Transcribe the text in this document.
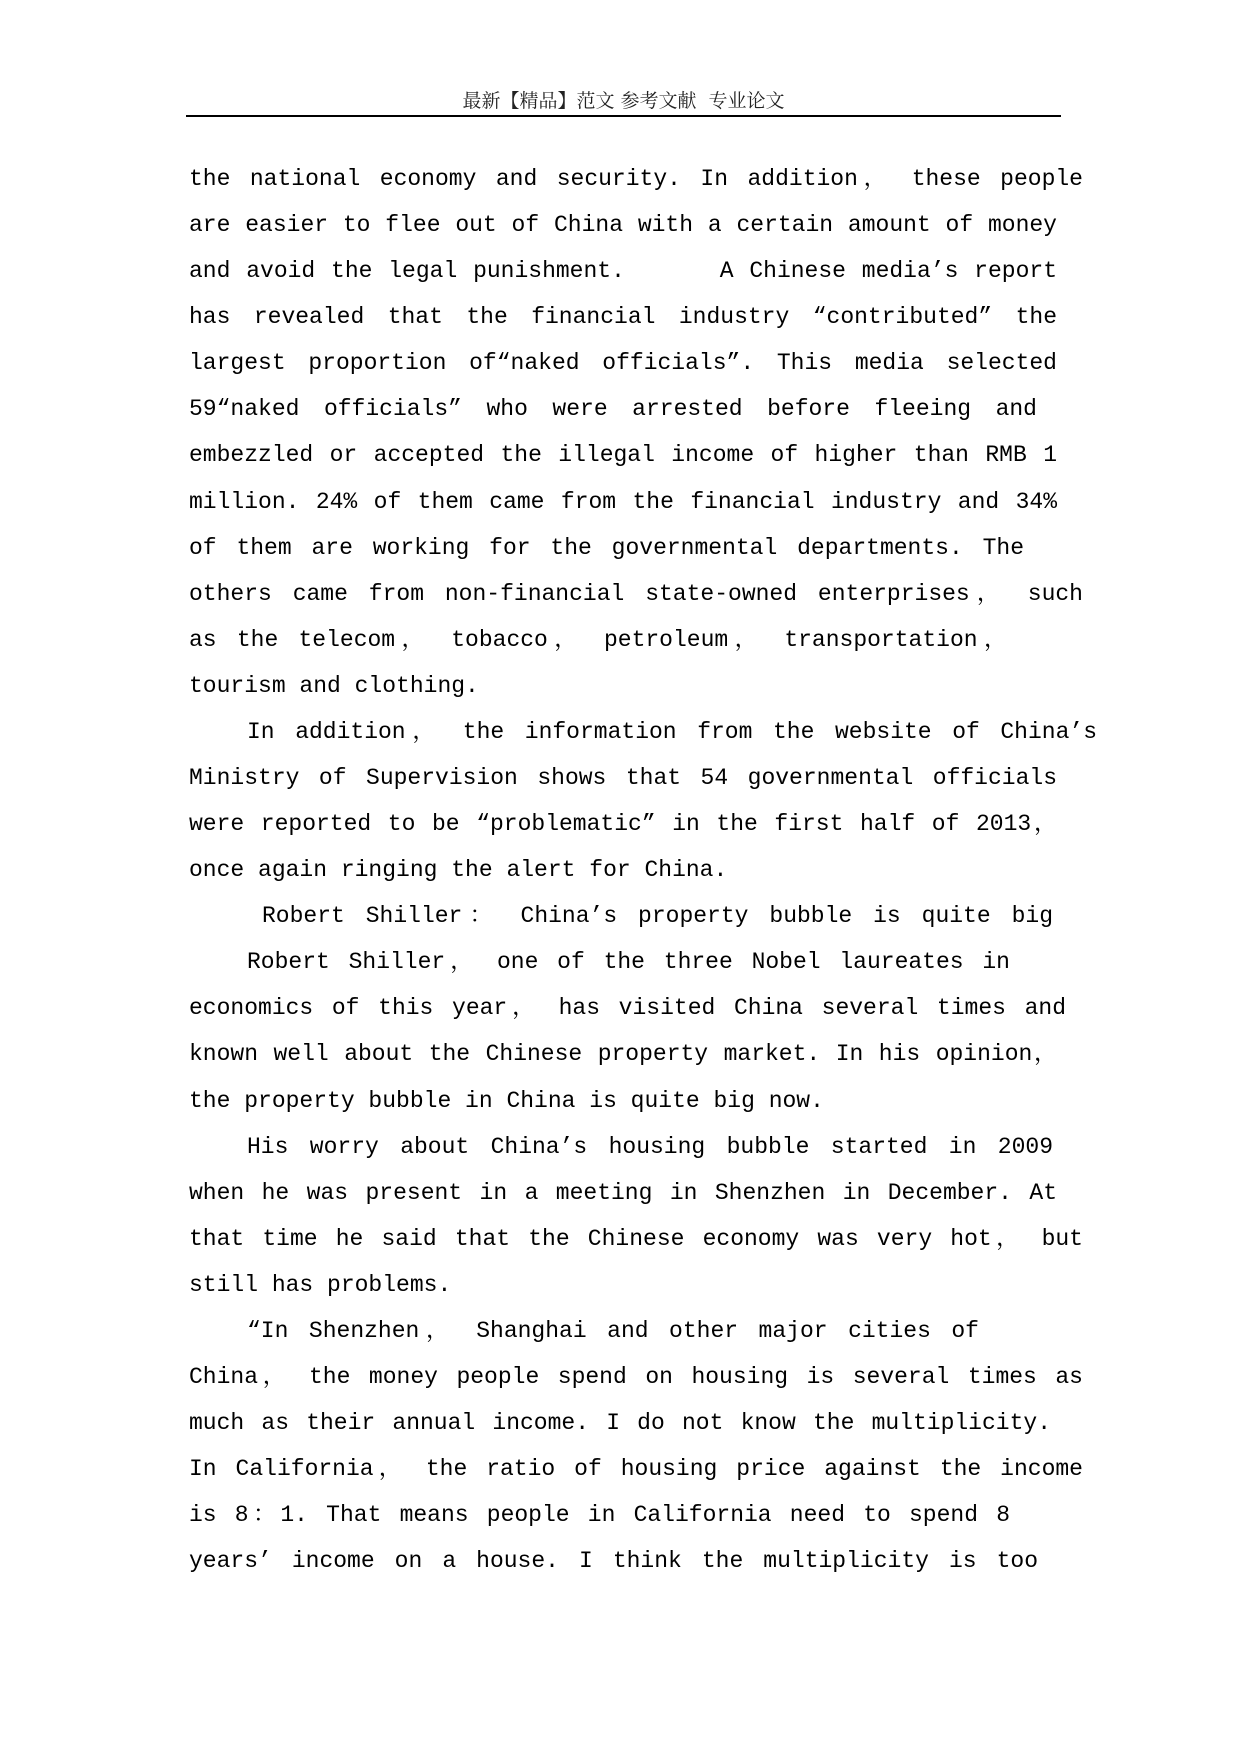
最新【精品】范文 参考文献  专业论文
the national economy and security. In addition， these people
are easier to flee out of China with a certain amount of money
and avoid the legal punishment.      A Chinese media’s report
has revealed that the financial industry “contributed” the
largest proportion of“naked officials”. This media selected
59“naked officials” who were arrested before fleeing and
embezzled or accepted the illegal income of higher than RMB 1
million. 24% of them came from the financial industry and 34%
of them are working for the governmental departments. The
others came from non-financial state-owned enterprises， such
as the telecom， tobacco， petroleum， transportation，
tourism and clothing.
In addition， the information from the website of China’s
Ministry of Supervision shows that 54 governmental officials
were reported to be “problematic” in the first half of 2013，
once again ringing the alert for China.
Robert Shiller： China’s property bubble is quite big
Robert Shiller， one of the three Nobel laureates in
economics of this year， has visited China several times and
known well about the Chinese property market. In his opinion，
the property bubble in China is quite big now.
His worry about China’s housing bubble started in 2009
when he was present in a meeting in Shenzhen in December. At
that time he said that the Chinese economy was very hot， but
still has problems.
“In Shenzhen， Shanghai and other major cities of
China， the money people spend on housing is several times as
much as their annual income. I do not know the multiplicity.
In California， the ratio of housing price against the income
is 8：1. That means people in California need to spend 8
years’ income on a house. I think the multiplicity is too
